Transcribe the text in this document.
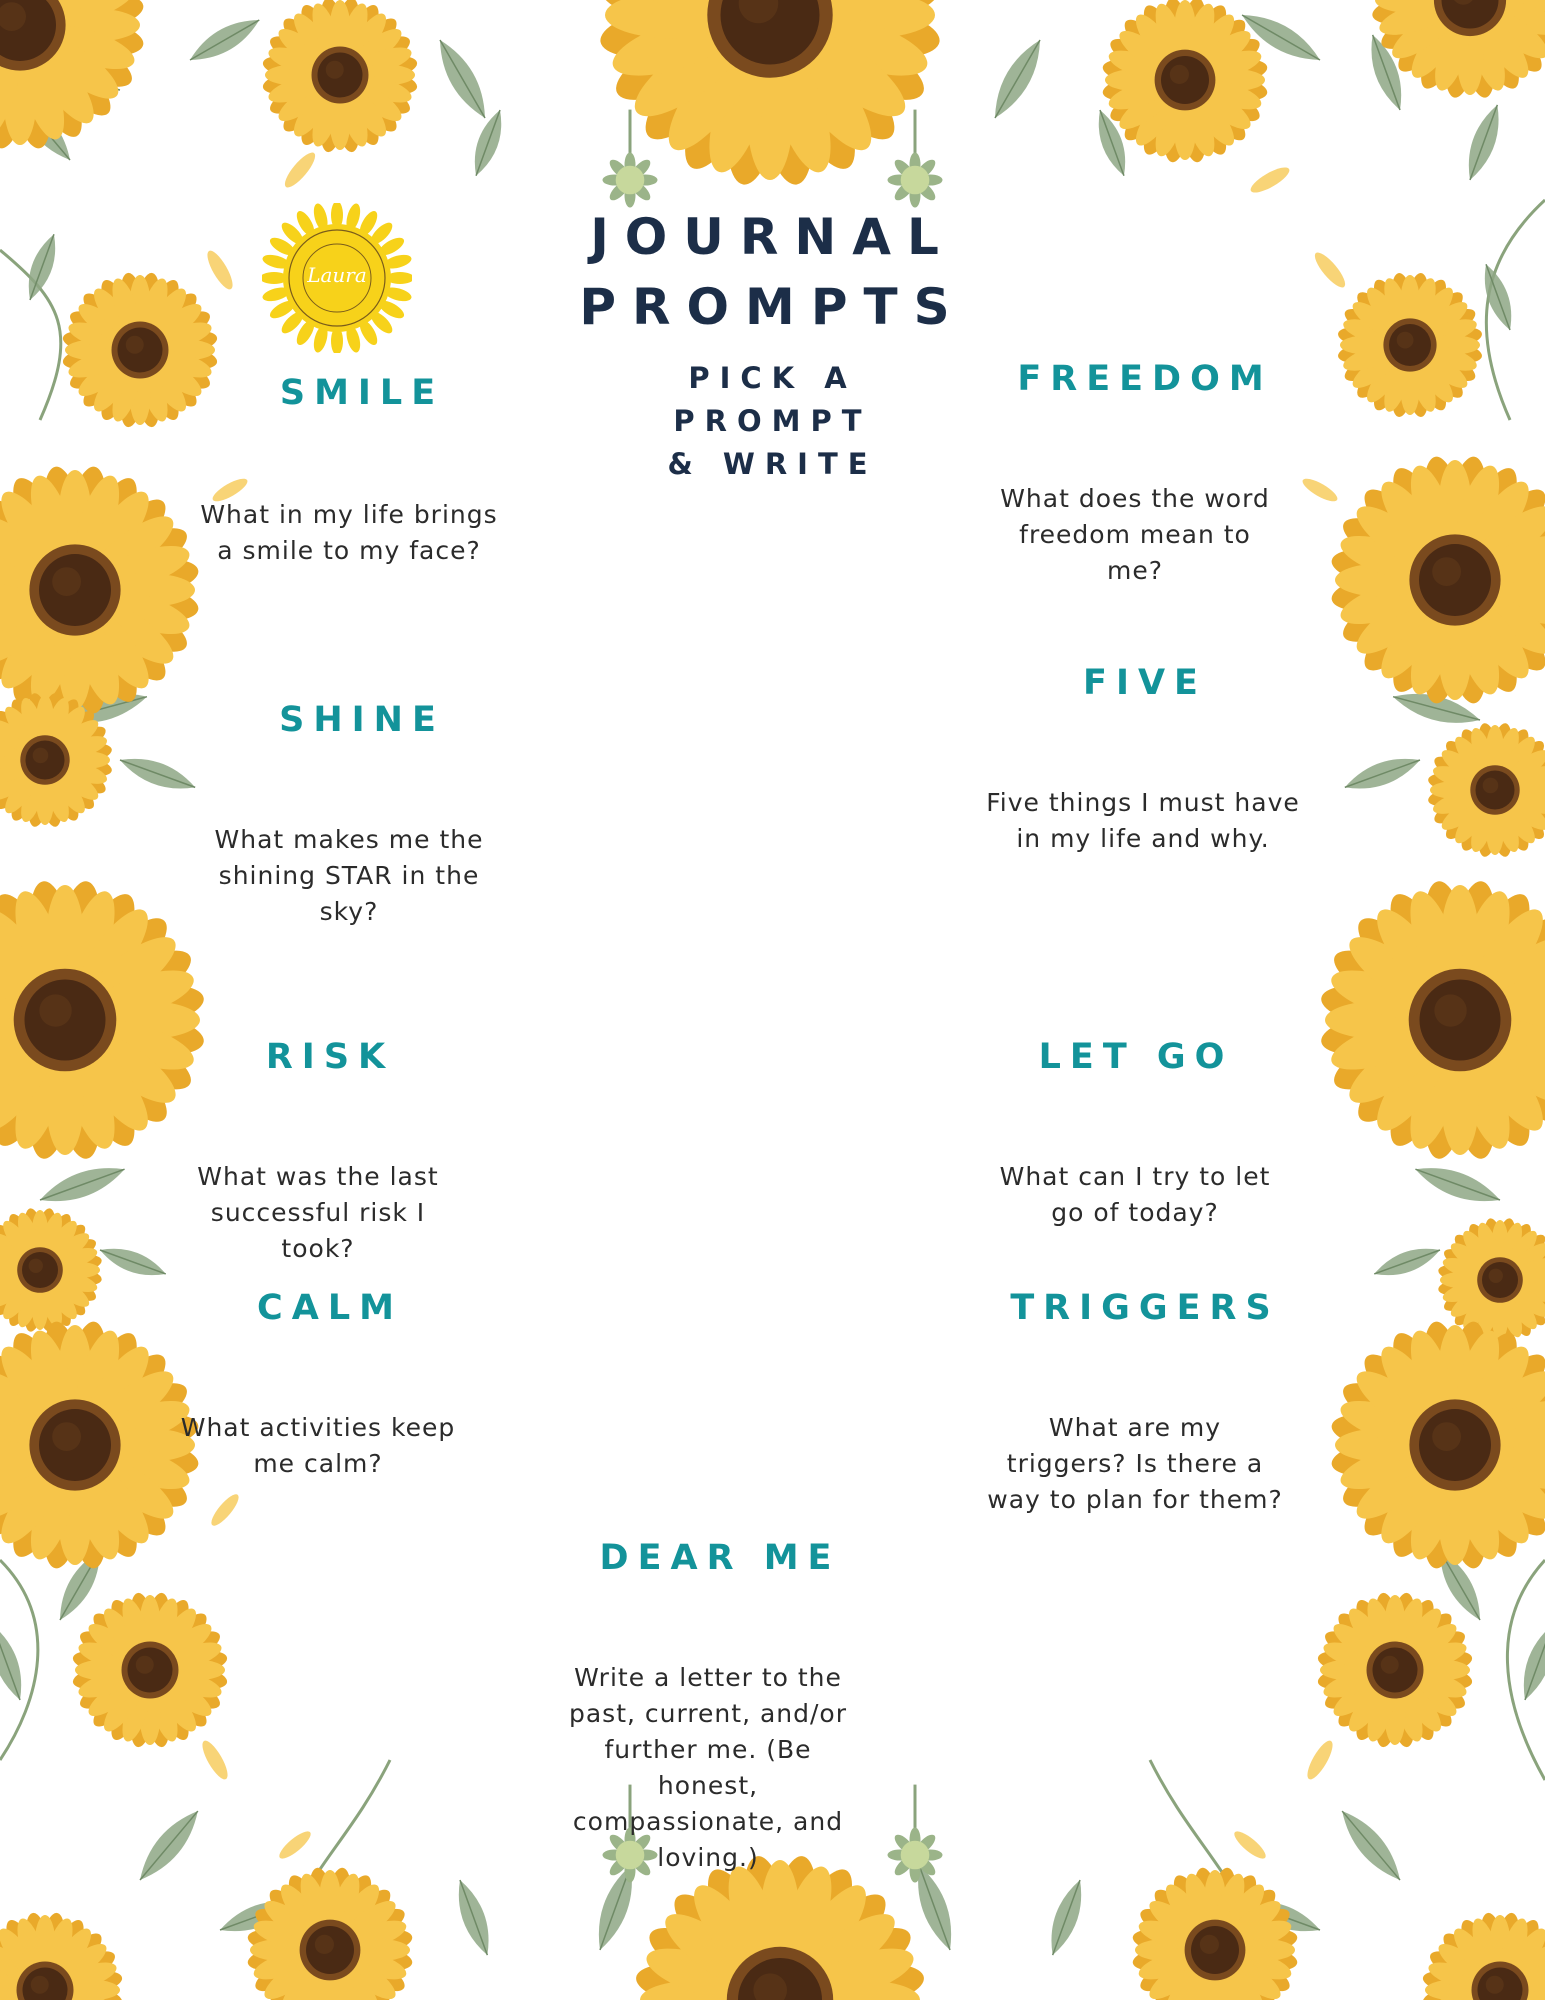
Laura
JOURNAL
PROMPTS
PICK A
PROMPT
& WRITE
SMILE
What in my life brings
a smile to my face?
FREEDOM
What does the word
freedom mean to
me?
SHINE
What makes me the
shining STAR in the
sky?
FIVE
Five things I must have
in my life and why.
RISK
What was the last
successful risk I
took?
LET GO
What can I try to let
go of today?
CALM
What activities keep
me calm?
TRIGGERS
What are my
triggers? Is there a
way to plan for them?
DEAR ME
Write a letter to the
past, current, and/or
further me. (Be
honest,
compassionate, and
loving.)
